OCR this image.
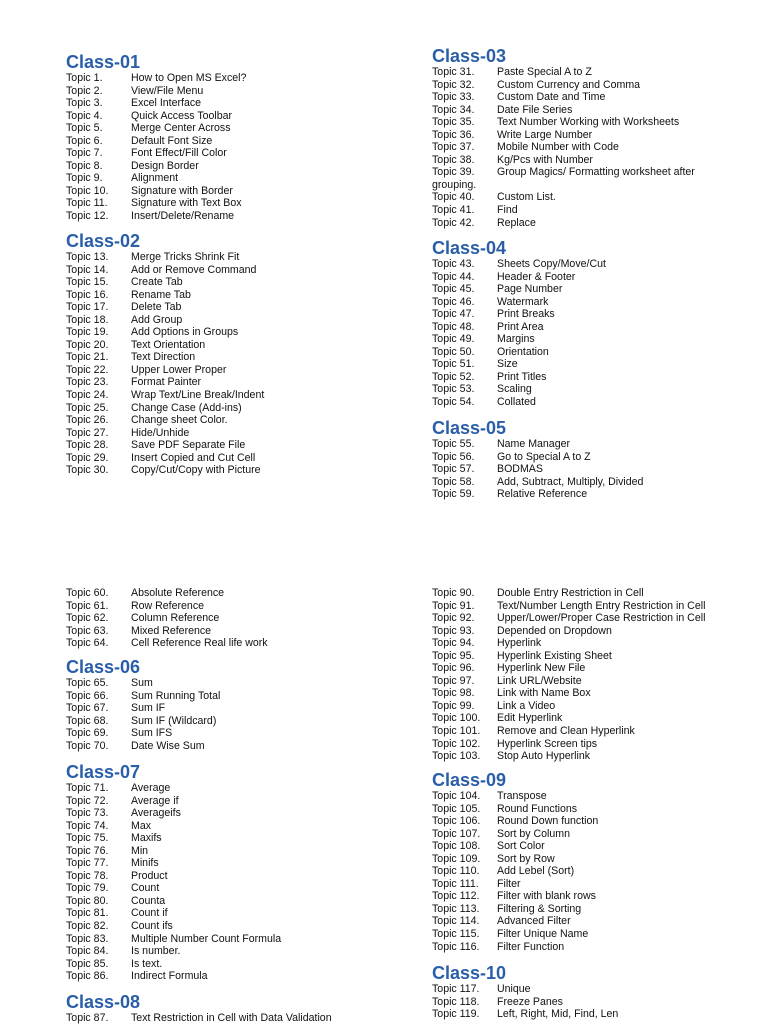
Class-01
Topic 1.	How to Open MS Excel?
Topic 2.	View/File Menu
Topic 3.	Excel Interface
Topic 4.	Quick Access Toolbar
Topic 5.	Merge Center Across
Topic 6.	Default Font Size
Topic 7.	Font Effect/Fill Color
Topic 8.	Design Border
Topic 9.	Alignment
Topic 10. Signature with Border
Topic 11. Signature with Text Box
Topic 12. Insert/Delete/Rename
Class-02
Topic 13. Merge Tricks Shrink Fit
Topic 14. Add or Remove Command
Topic 15. Create Tab
Topic 16. Rename Tab
Topic 17. Delete Tab
Topic 18. Add Group
Topic 19. Add Options in Groups
Topic 20. Text Orientation
Topic 21. Text Direction
Topic 22. Upper Lower Proper
Topic 23. Format Painter
Topic 24. Wrap Text/Line Break/Indent
Topic 25. Change Case (Add-ins)
Topic 26. Change sheet Color.
Topic 27. Hide/Unhide
Topic 28. Save PDF Separate File
Topic 29. Insert Copied and Cut Cell
Topic 30. Copy/Cut/Copy with Picture
Class-03
Topic 31. Paste Special A to Z
Topic 32. Custom Currency and Comma
Topic 33. Custom Date and Time
Topic 34. Date File Series
Topic 35. Text Number Working with Worksheets
Topic 36. Write Large Number
Topic 37. Mobile Number with Code
Topic 38. Kg/Pcs with Number
Topic 39. Group Magics/ Formatting worksheet after
grouping.
Topic 40. Custom List.
Topic 41. Find
Topic 42. Replace
Class-04
Topic 43. Sheets Copy/Move/Cut
Topic 44. Header & Footer
Topic 45. Page Number
Topic 46. Watermark
Topic 47. Print Breaks
Topic 48. Print Area
Topic 49. Margins
Topic 50. Orientation
Topic 51. Size
Topic 52. Print Titles
Topic 53. Scaling
Topic 54. Collated
Class-05
Topic 55. Name Manager
Topic 56. Go to Special A to Z
Topic 57. BODMAS
Topic 58. Add, Subtract, Multiply, Divided
Topic 59. Relative Reference
Topic 60. Absolute Reference
Topic 61. Row Reference
Topic 62. Column Reference
Topic 63. Mixed Reference
Topic 64. Cell Reference Real life work
Class-06
Topic 65. Sum
Topic 66. Sum Running Total
Topic 67. Sum IF
Topic 68. Sum IF (Wildcard)
Topic 69. Sum IFS
Topic 70. Date Wise Sum
Class-07
Topic 71. Average
Topic 72. Average if
Topic 73. Averageifs
Topic 74. Max
Topic 75. Maxifs
Topic 76. Min
Topic 77. Minifs
Topic 78. Product
Topic 79. Count
Topic 80. Counta
Topic 81. Count if
Topic 82. Count ifs
Topic 83. Multiple Number Count Formula
Topic 84. Is number.
Topic 85. Is text.
Topic 86. Indirect Formula
Class-08
Topic 87. Text Restriction in Cell with Data Validation
Topic 90. Double Entry Restriction in Cell
Topic 91. Text/Number Length Entry Restriction in Cell
Topic 92. Upper/Lower/Proper Case Restriction in Cell
Topic 93. Depended on Dropdown
Topic 94. Hyperlink
Topic 95. Hyperlink Existing Sheet
Topic 96. Hyperlink New File
Topic 97. Link URL/Website
Topic 98. Link with Name Box
Topic 99. Link a Video
Topic 100. Edit Hyperlink
Topic 101. Remove and Clean Hyperlink
Topic 102. Hyperlink Screen tips
Topic 103. Stop Auto Hyperlink
Class-09
Topic 104. Transpose
Topic 105. Round Functions
Topic 106. Round Down function
Topic 107. Sort by Column
Topic 108. Sort Color
Topic 109. Sort by Row
Topic 110. Add Lebel (Sort)
Topic 111. Filter
Topic 112. Filter with blank rows
Topic 113. Filtering & Sorting
Topic 114. Advanced Filter
Topic 115. Filter Unique Name
Topic 116. Filter Function
Class-10
Topic 117. Unique
Topic 118. Freeze Panes
Topic 119. Left, Right, Mid, Find, Len
